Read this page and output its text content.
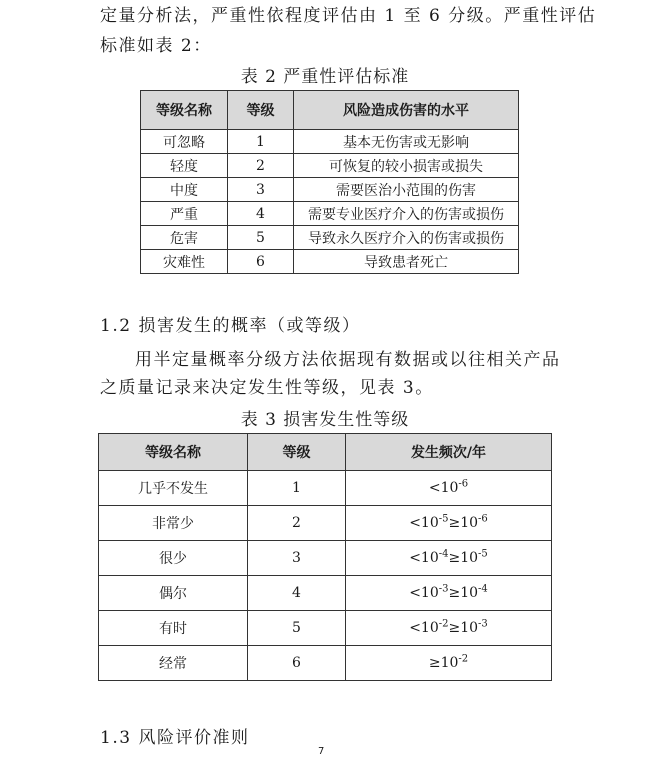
定量分析法，严重性依程度评估由 1 至 6 分级。严重性评估
标准如表 2：
表 2 严重性评估标准
等级名称	等级	风险造成伤害的水平
可忽略	1	基本无伤害或无影响
轻度	2	可恢复的较小损害或损失
中度	3	需要医治小范围的伤害
严重	4	需要专业医疗介入的伤害或损伤
危害	5	导致永久医疗介入的伤害或损伤
灾难性	6	导致患者死亡
1.2 损害发生的概率（或等级）
用半定量概率分级方法依据现有数据或以往相关产品
之质量记录来决定发生性等级，见表 3。
表 3 损害发生性等级
等级名称	等级	发生频次/年
几乎不发生	1	$<10^{-6}$
非常少	2	$<10^{-5}\ge 10^{-6}$
很少	3	$<10^{-4}\ge 10^{-5}$
偶尔	4	$<10^{-3}\ge 10^{-4}$
有时	5	$<10^{-2}\ge 10^{-3}$
经常	6	$\ge 10^{-2}$
1.3 风险评价准则
7
